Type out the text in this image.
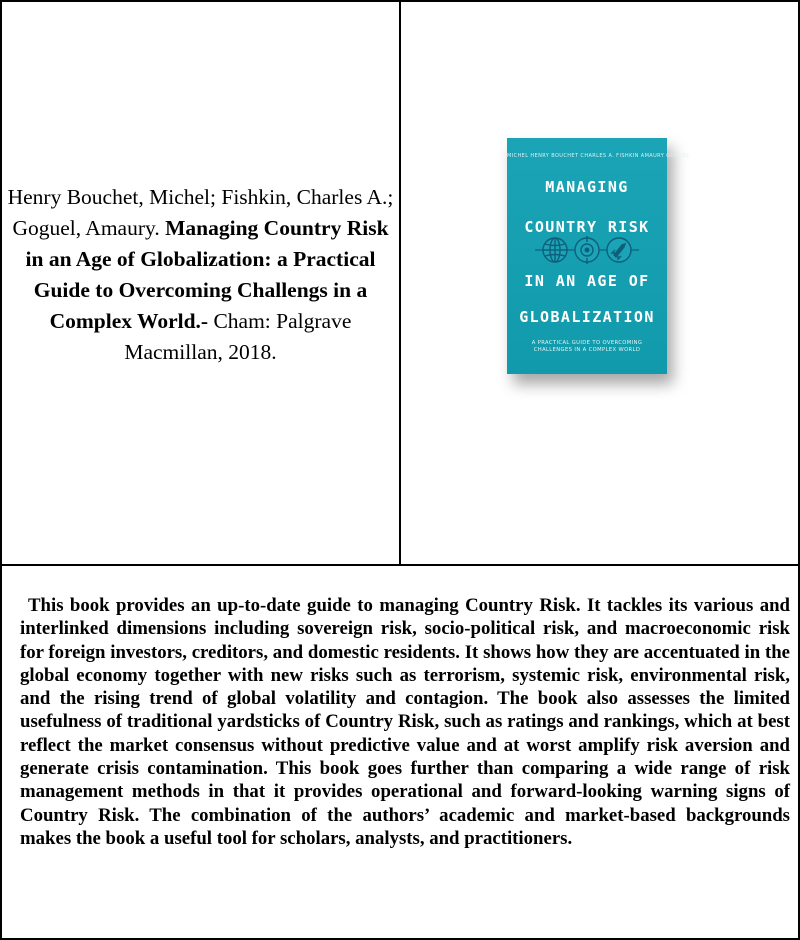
Henry Bouchet, Michel; Fishkin, Charles A.; Goguel, Amaury. Managing Country Risk in an Age of Globalization: a Practical Guide to Overcoming Challengs in a Complex World.- Cham: Palgrave Macmillan, 2018.
MICHEL HENRY BOUCHET CHARLES A. FISHKIN AMAURY GOGUEL
MANAGING
COUNTRY RISK
IN AN AGE OF
GLOBALIZATION
A PRACTICAL GUIDE TO OVERCOMING
CHALLENGES IN A COMPLEX WORLD

This book provides an up-to-date guide to managing Country Risk. It tackles its various and interlinked dimensions including sovereign risk, socio-political risk, and macroeconomic risk for foreign investors, creditors, and domestic residents. It shows how they are accentuated in the global economy together with new risks such as terrorism, systemic risk, environmental risk, and the rising trend of global volatility and contagion. The book also assesses the limited usefulness of traditional yardsticks of Country Risk, such as ratings and rankings, which at best reflect the market consensus without predictive value and at worst amplify risk aversion and generate crisis contamination. This book goes further than comparing a wide range of risk management methods in that it provides operational and forward-looking warning signs of Country Risk. The combination of the authors’ academic and market-based backgrounds makes the book a useful tool for scholars, analysts, and practitioners.
